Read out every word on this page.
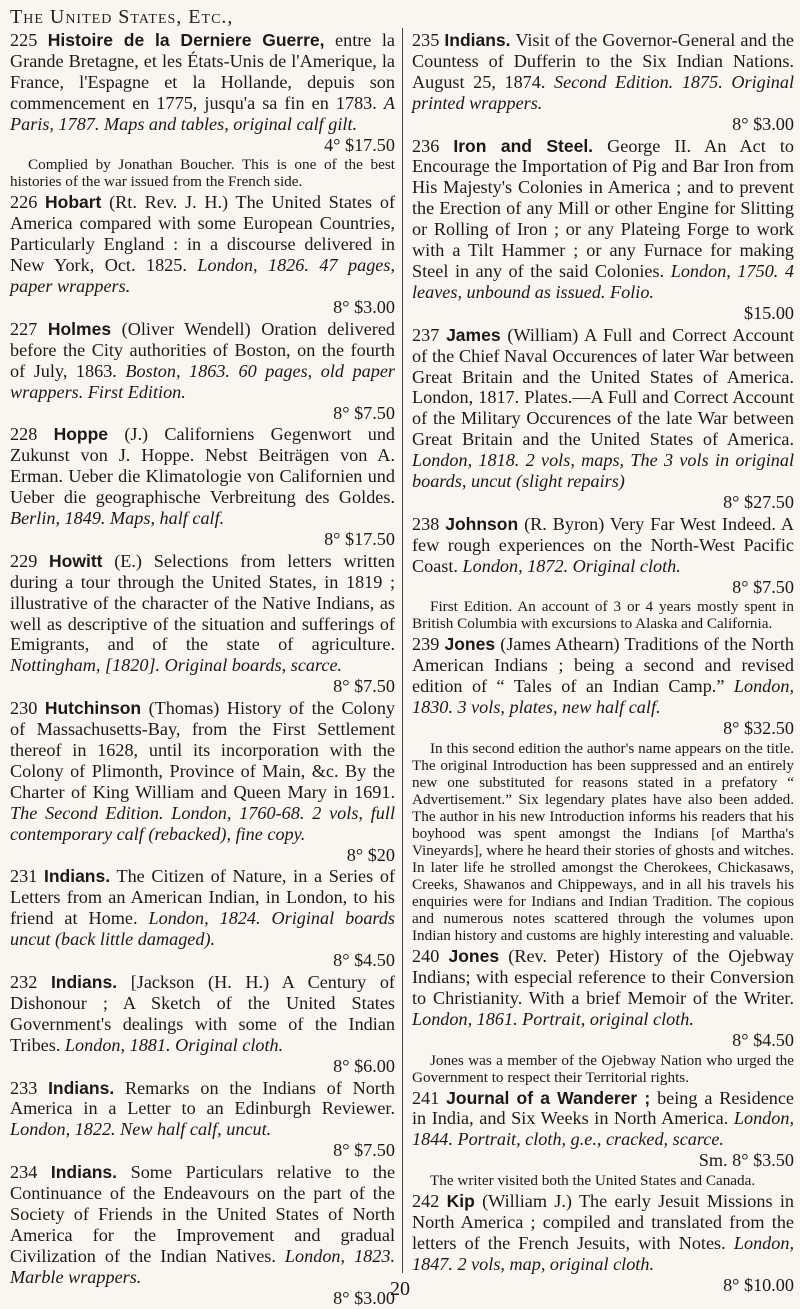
The United States, Etc.,
225 Histoire de la Derniere Guerre, entre la Grande Bretagne, et les États-Unis de l'Amerique, la France, l'Espagne et la Hollande, depuis son commencement en 1775, jusqu'a sa fin en 1783. A Paris, 1787. Maps and tables, original calf gilt.
4° $17.50
Complied by Jonathan Boucher. This is one of the best histories of the war issued from the French side.
226 Hobart (Rt. Rev. J. H.) The United States of America compared with some European Countries, Particularly England : in a discourse delivered in New York, Oct. 1825. London, 1826. 47 pages, paper wrappers.
8° $3.00
227 Holmes (Oliver Wendell) Oration delivered before the City authorities of Boston, on the fourth of July, 1863. Boston, 1863. 60 pages, old paper wrappers. First Edition.
8° $7.50
228 Hoppe (J.) Californiens Gegenwort und Zukunst von J. Hoppe. Nebst Beiträgen von A. Erman. Ueber die Klimatologie von Californien und Ueber die geographische Verbreitung des Goldes. Berlin, 1849. Maps, half calf.
8° $17.50
229 Howitt (E.) Selections from letters written during a tour through the United States, in 1819 ; illustrative of the character of the Native Indians, as well as descriptive of the situation and sufferings of Emigrants, and of the state of agriculture. Nottingham, [1820]. Original boards, scarce.
8° $7.50
230 Hutchinson (Thomas) History of the Colony of Massachusetts-Bay, from the First Settlement thereof in 1628, until its incorporation with the Colony of Plimonth, Province of Main, &c. By the Charter of King William and Queen Mary in 1691. The Second Edition. London, 1760-68. 2 vols, full contemporary calf (rebacked), fine copy.
8° $20
231 Indians. The Citizen of Nature, in a Series of Letters from an American Indian, in London, to his friend at Home. London, 1824. Original boards uncut (back little damaged).
8° $4.50
232 Indians. [Jackson (H. H.) A Century of Dishonour ; A Sketch of the United States Government's dealings with some of the Indian Tribes. London, 1881. Original cloth.
8° $6.00
233 Indians. Remarks on the Indians of North America in a Letter to an Edinburgh Reviewer. London, 1822. New half calf, uncut.
8° $7.50
234 Indians. Some Particulars relative to the Continuance of the Endeavours on the part of the Society of Friends in the United States of North America for the Improvement and gradual Civilization of the Indian Natives. London, 1823. Marble wrappers.
8° $3.00
235 Indians. Visit of the Governor-General and the Countess of Dufferin to the Six Indian Nations. August 25, 1874. Second Edition. 1875. Original printed wrappers.
8° $3.00
236 Iron and Steel. George II. An Act to Encourage the Importation of Pig and Bar Iron from His Majesty's Colonies in America ; and to prevent the Erection of any Mill or other Engine for Slitting or Rolling of Iron ; or any Plateing Forge to work with a Tilt Hammer ; or any Furnace for making Steel in any of the said Colonies. London, 1750. 4 leaves, unbound as issued. Folio.
$15.00
237 James (William) A Full and Correct Account of the Chief Naval Occurences of later War between Great Britain and the United States of America. London, 1817. Plates.—A Full and Correct Account of the Military Occurences of the late War between Great Britain and the United States of America. London, 1818. 2 vols, maps, The 3 vols in original boards, uncut (slight repairs)
8° $27.50
238 Johnson (R. Byron) Very Far West Indeed. A few rough experiences on the North-West Pacific Coast. London, 1872. Original cloth.
8° $7.50
First Edition. An account of 3 or 4 years mostly spent in British Columbia with excursions to Alaska and California.
239 Jones (James Athearn) Traditions of the North American Indians ; being a second and revised edition of “ Tales of an Indian Camp.” London, 1830. 3 vols, plates, new half calf.
8° $32.50
In this second edition the author's name appears on the title. The original Introduction has been suppressed and an entirely new one substituted for reasons stated in a prefatory “ Advertisement.” Six legendary plates have also been added. The author in his new Introduction informs his readers that his boyhood was spent amongst the Indians [of Martha's Vineyards], where he heard their stories of ghosts and witches. In later life he strolled amongst the Cherokees, Chickasaws, Creeks, Shawanos and Chippeways, and in all his travels his enquiries were for Indians and Indian Tradition. The copious and numerous notes scattered through the volumes upon Indian history and customs are highly interesting and valuable.
240 Jones (Rev. Peter) History of the Ojebway Indians; with especial reference to their Conversion to Christianity. With a brief Memoir of the Writer. London, 1861. Portrait, original cloth.
8° $4.50
Jones was a member of the Ojebway Nation who urged the Government to respect their Territorial rights.
241 Journal of a Wanderer ; being a Residence in India, and Six Weeks in North America. London, 1844. Portrait, cloth, g.e., cracked, scarce.
Sm. 8° $3.50
The writer visited both the United States and Canada.
242 Kip (William J.) The early Jesuit Missions in North America ; compiled and translated from the letters of the French Jesuits, with Notes. London, 1847. 2 vols, map, original cloth.
8° $10.00
20
